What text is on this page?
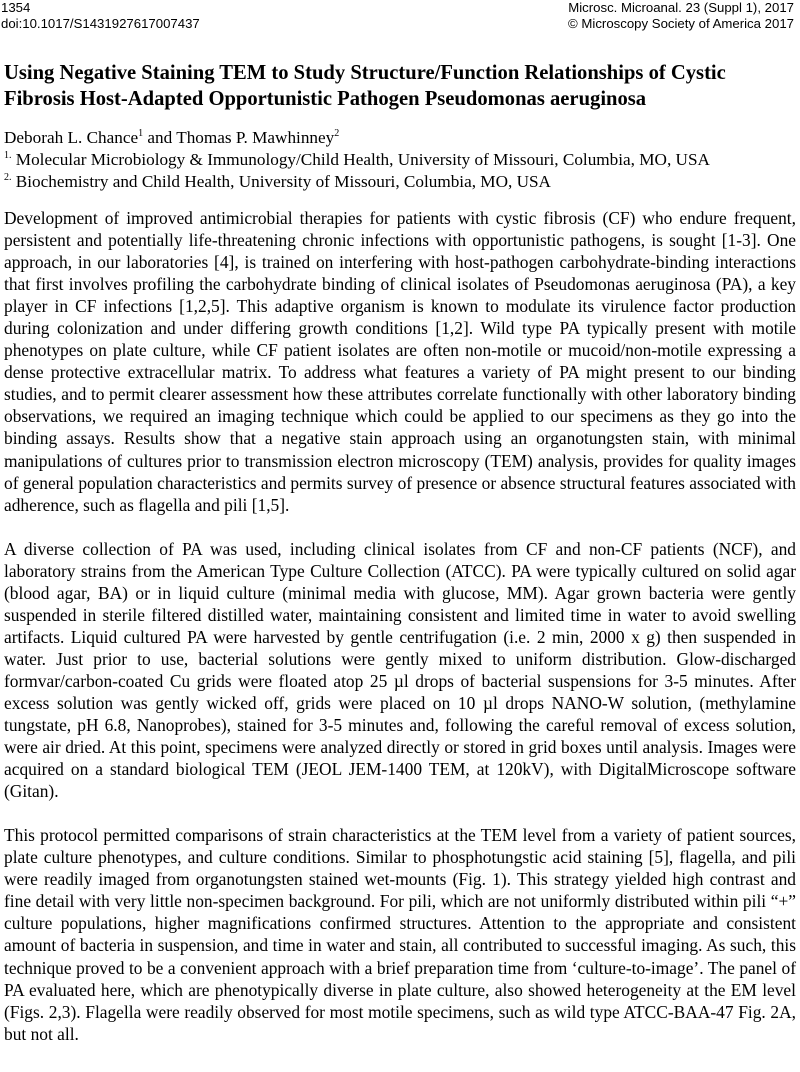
1354
doi:10.1017/S1431927617007437
Microsc. Microanal. 23 (Suppl 1), 2017
© Microscopy Society of America 2017
Using Negative Staining TEM to Study Structure/Function Relationships of Cystic Fibrosis Host-Adapted Opportunistic Pathogen Pseudomonas aeruginosa
Deborah L. Chance$^1$ and Thomas P. Mawhinney$^2$
$^{1.}$ Molecular Microbiology & Immunology/Child Health, University of Missouri, Columbia, MO, USA
$^{2.}$ Biochemistry and Child Health, University of Missouri, Columbia, MO, USA

Development of improved antimicrobial therapies for patients with cystic fibrosis (CF) who endure frequent, persistent and potentially life-threatening chronic infections with opportunistic pathogens, is sought [1-3]. One approach, in our laboratories [4], is trained on interfering with host-pathogen carbohydrate-binding interactions that first involves profiling the carbohydrate binding of clinical isolates of Pseudomonas aeruginosa (PA), a key player in CF infections [1,2,5]. This adaptive organism is known to modulate its virulence factor production during colonization and under differing growth conditions [1,2]. Wild type PA typically present with motile phenotypes on plate culture, while CF patient isolates are often non-motile or mucoid/non-motile expressing a dense protective extracellular matrix. To address what features a variety of PA might present to our binding studies, and to permit clearer assessment how these attributes correlate functionally with other laboratory binding observations, we required an imaging technique which could be applied to our specimens as they go into the binding assays. Results show that a negative stain approach using an organotungsten stain, with minimal manipulations of cultures prior to transmission electron microscopy (TEM) analysis, provides for quality images of general population characteristics and permits survey of presence or absence structural features associated with adherence, such as flagella and pili [1,5].

A diverse collection of PA was used, including clinical isolates from CF and non-CF patients (NCF), and laboratory strains from the American Type Culture Collection (ATCC). PA were typically cultured on solid agar (blood agar, BA) or in liquid culture (minimal media with glucose, MM). Agar grown bacteria were gently suspended in sterile filtered distilled water, maintaining consistent and limited time in water to avoid swelling artifacts. Liquid cultured PA were harvested by gentle centrifugation (i.e. 2 min, 2000 x g) then suspended in water. Just prior to use, bacterial solutions were gently mixed to uniform distribution. Glow-discharged formvar/carbon-coated Cu grids were floated atop 25 µl drops of bacterial suspensions for 3-5 minutes. After excess solution was gently wicked off, grids were placed on 10 µl drops NANO-W solution, (methylamine tungstate, pH 6.8, Nanoprobes), stained for 3-5 minutes and, following the careful removal of excess solution, were air dried. At this point, specimens were analyzed directly or stored in grid boxes until analysis. Images were acquired on a standard biological TEM (JEOL JEM-1400 TEM, at 120kV), with DigitalMicroscope software (Gitan).

This protocol permitted comparisons of strain characteristics at the TEM level from a variety of patient sources, plate culture phenotypes, and culture conditions. Similar to phosphotungstic acid staining [5], flagella, and pili were readily imaged from organotungsten stained wet-mounts (Fig. 1). This strategy yielded high contrast and fine detail with very little non-specimen background. For pili, which are not uniformly distributed within pili “+” culture populations, higher magnifications confirmed structures. Attention to the appropriate and consistent amount of bacteria in suspension, and time in water and stain, all contributed to successful imaging. As such, this technique proved to be a convenient approach with a brief preparation time from ‘culture-to-image’. The panel of PA evaluated here, which are phenotypically diverse in plate culture, also showed heterogeneity at the EM level (Figs. 2,3). Flagella were readily observed for most motile specimens, such as wild type ATCC-BAA-47 Fig. 2A, but not all.
